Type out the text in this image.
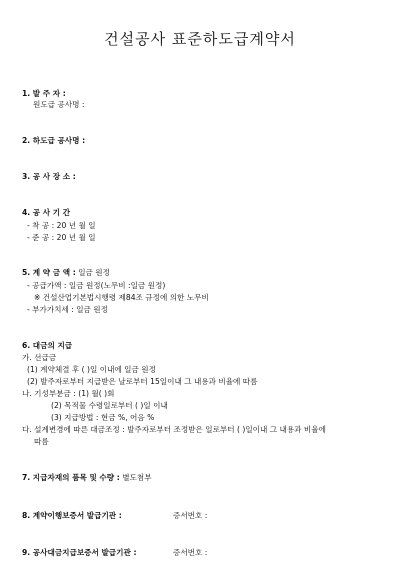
건설공사 표준하도급계약서
1. 발 주 자 :
원도급 공사명 :
2. 하도급 공사명 :
3. 공 사 장 소 :
4. 공 사 기 간
- 착 공 : 20 년 월 일
- 준 공 : 20 년 월 일
5. 계 약 금 액 : 일금 원정
- 공급가액 : 일금 원정(노무비 :일금 원정)
※ 건설산업기본법시행령 제84조 규정에 의한 노무비
- 부가가치세 : 일금 원정
6. 대금의 지급
가. 선급금
(1) 계약체결 후 ( )일 이내에 일금 원정
(2) 발주자로부터 지급받은 날로부터 15일이내 그 내용과 비율에 따름
나. 기성부분금 : (1) 월( )회
(2) 목적물 수령일로부터 ( )일 이내
(3) 지급방법 : 현금 %, 어음 %
다. 설계변경에 따른 대금조정 : 발주자로부터 조정받은 일로부터 ( )일이내 그 내용과 비율에
따름
7. 지급자재의 품목 및 수량 : 별도첨부
8. 계약이행보증서 발급기관 :	증서번호 :
9. 공사대금지급보증서 발급기관 :	증서번호 :
